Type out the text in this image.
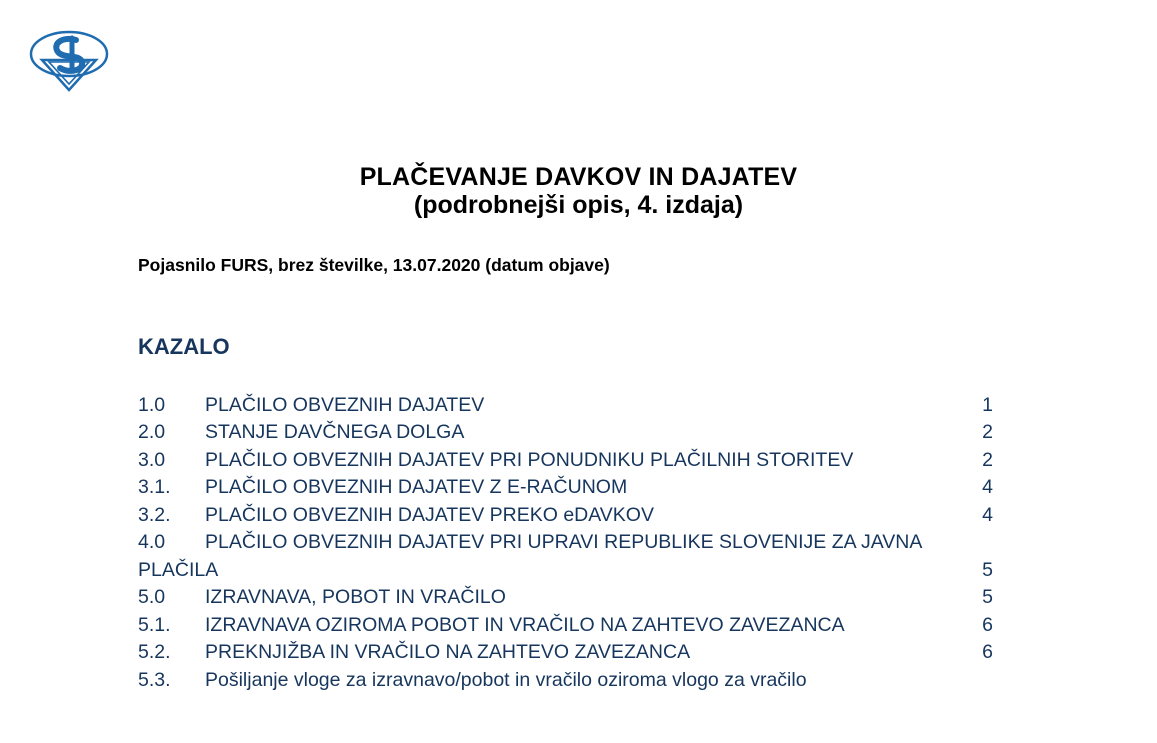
PLAČEVANJE DAVKOV IN DAJATEV
(podrobnejši opis, 4. izdaja)
Pojasnilo FURS, brez številke, 13.07.2020 (datum objave)
KAZALO
1.0 PLAČILO OBVEZNIH DAJATEV	1
2.0 STANJE DAVČNEGA DOLGA	2
3.0 PLAČILO OBVEZNIH DAJATEV PRI PONUDNIKU PLAČILNIH STORITEV	2
3.1. PLAČILO OBVEZNIH DAJATEV Z E-RAČUNOM	4
3.2. PLAČILO OBVEZNIH DAJATEV PREKO eDAVKOV	4
4.0 PLAČILO OBVEZNIH DAJATEV PRI UPRAVI REPUBLIKE SLOVENIJE ZA JAVNA PLAČILA	5
5.0 IZRAVNAVA, POBOT IN VRAČILO	5
5.1. IZRAVNAVA OZIROMA POBOT IN VRAČILO NA ZAHTEVO ZAVEZANCA	6
5.2. PREKNJIŽBA IN VRAČILO NA ZAHTEVO ZAVEZANCA	6
5.3. Pošiljanje vloge za izravnavo/pobot in vračilo oziroma vlogo za vračilo
